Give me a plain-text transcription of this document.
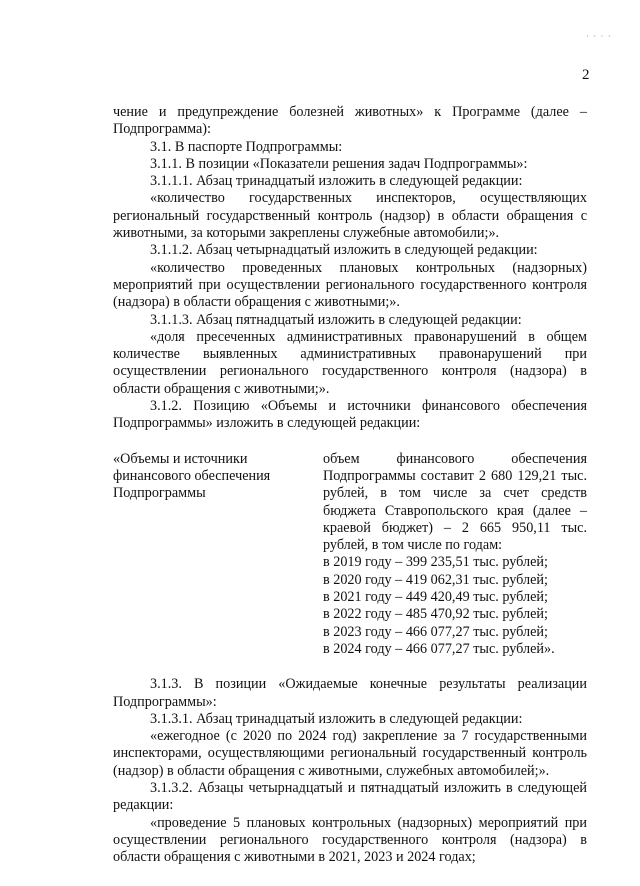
· · · ·
2

чение и предупреждение болезней животных» к Программе (далее – Подпрограмма):

3.1. В паспорте Подпрограммы:

3.1.1. В позиции «Показатели решения задач Подпрограммы»:

3.1.1.1. Абзац тринадцатый изложить в следующей редакции:

«количество государственных инспекторов, осуществляющих региональный государственный контроль (надзор) в области обращения с животными, за которыми закреплены служебные автомобили;».

3.1.1.2. Абзац четырнадцатый изложить в следующей редакции:

«количество проведенных плановых контрольных (надзорных) мероприятий при осуществлении регионального государственного контроля (надзора) в области обращения с животными;».

3.1.1.3. Абзац пятнадцатый изложить в следующей редакции:

«доля пресеченных административных правонарушений в общем количестве выявленных административных правонарушений при осуществлении регионального государственного контроля (надзора) в области обращения с животными;».

3.1.2. Позицию «Объемы и источники финансового обеспечения Подпрограммы» изложить в следующей редакции:

«Объемы и источники финансового обеспечения Подпрограммы

объем финансового обеспечения Подпрограммы составит 2 680 129,21 тыс. рублей, в том числе за счет средств бюджета Ставропольского края (далее – краевой бюджет) – 2 665 950,11 тыс. рублей, в том числе по годам:

в 2019 году – 399 235,51 тыс. рублей;

в 2020 году – 419 062,31 тыс. рублей;

в 2021 году – 449 420,49 тыс. рублей;

в 2022 году – 485 470,92 тыс. рублей;

в 2023 году – 466 077,27 тыс. рублей;

в 2024 году – 466 077,27 тыс. рублей».

3.1.3. В позиции «Ожидаемые конечные результаты реализации Подпрограммы»:

3.1.3.1. Абзац тринадцатый изложить в следующей редакции:

«ежегодное (с 2020 по 2024 год) закрепление за 7 государственными инспекторами, осуществляющими региональный государственный контроль (надзор) в области обращения с животными, служебных автомобилей;».

3.1.3.2. Абзацы четырнадцатый и пятнадцатый изложить в следующей редакции:

«проведение 5 плановых контрольных (надзорных) мероприятий при осуществлении регионального государственного контроля (надзора) в области обращения с животными в 2021, 2023 и 2024 годах;
